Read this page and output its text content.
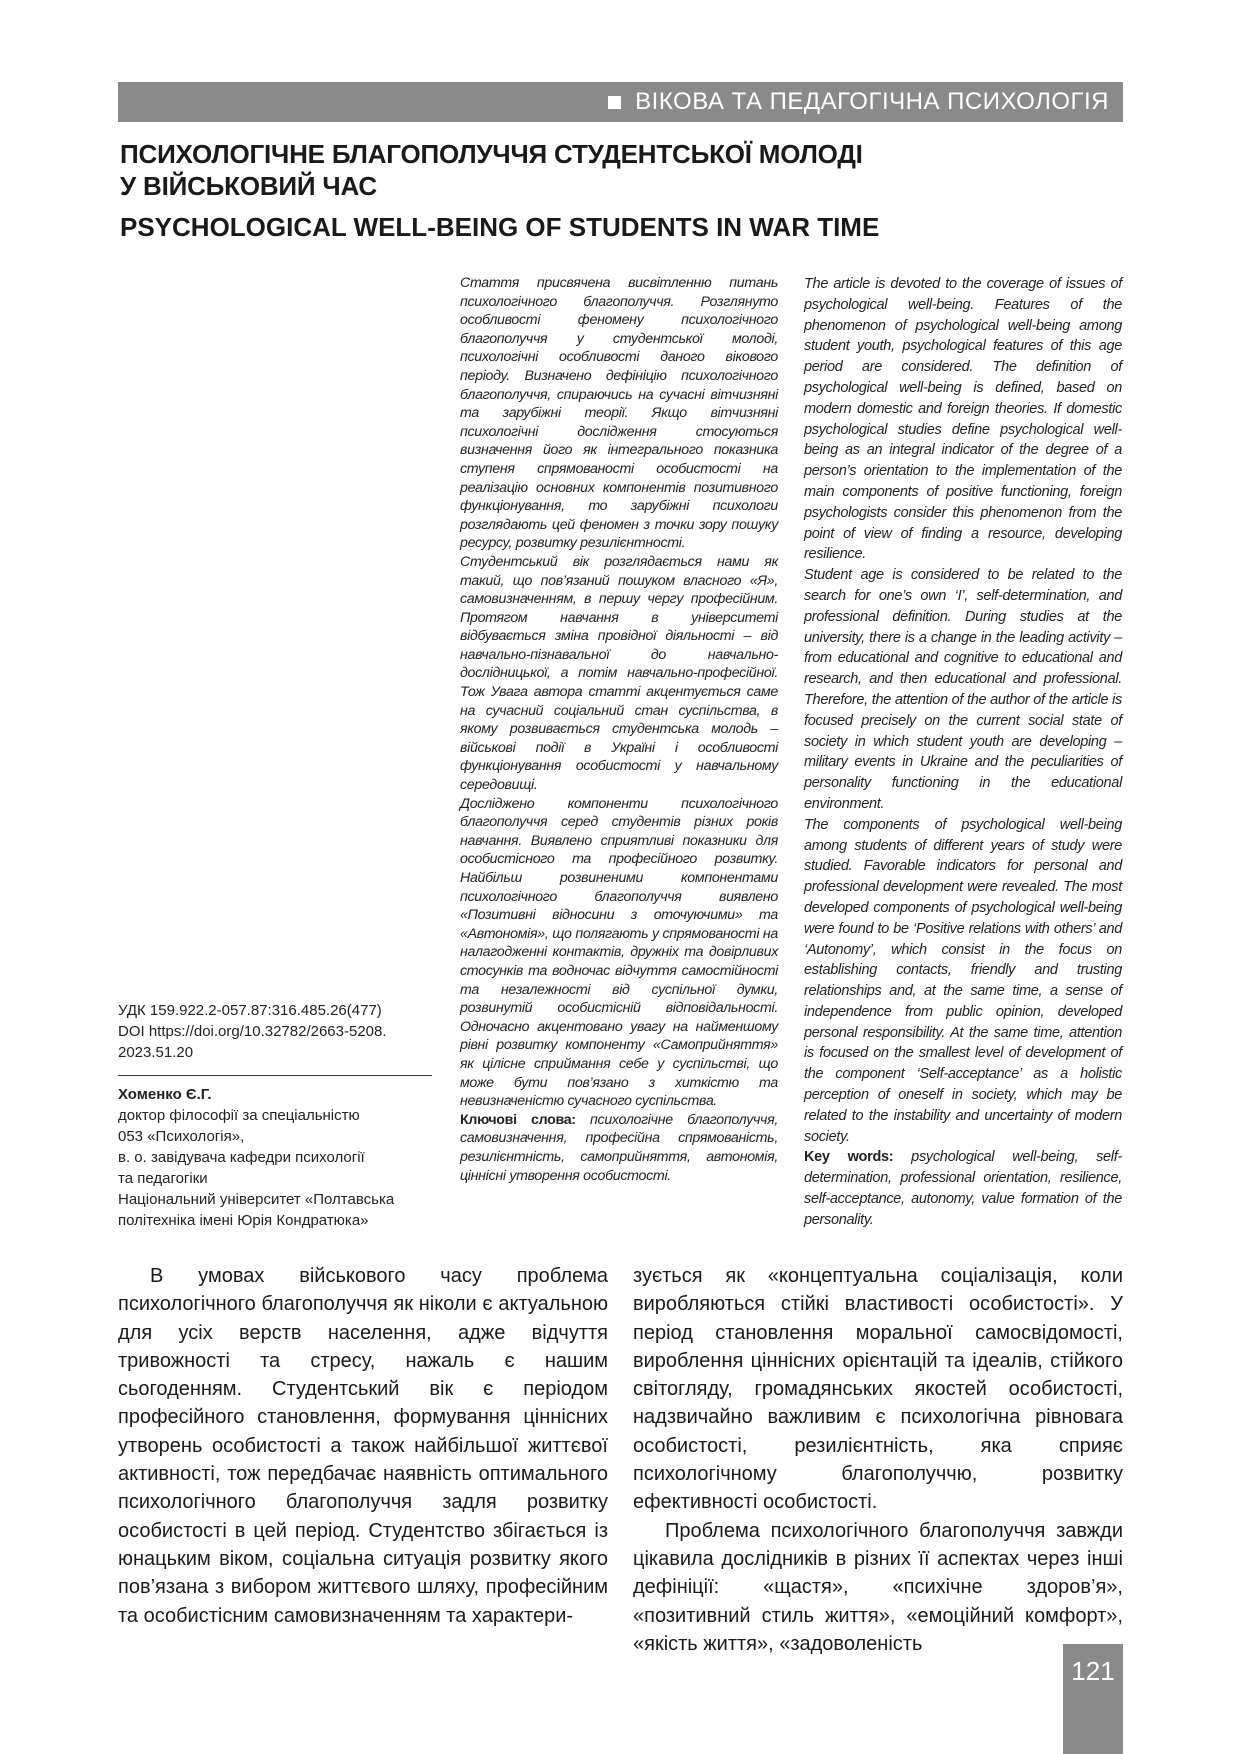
ВІКОВА ТА ПЕДАГОГІЧНА ПСИХОЛОГІЯ
ПСИХОЛОГІЧНЕ БЛАГОПОЛУЧЧЯ СТУДЕНТСЬКОЇ МОЛОДІ
У ВІЙСЬКОВИЙ ЧАС
PSYCHOLOGICAL WELL-BEING OF STUDENTS IN WAR TIME

Стаття присвячена висвітленню питань психологічного благополуччя. Розглянуто особливості феномену психологічного благополуччя у студентської молоді, психологічні особливості даного вікового періоду. Визначено дефініцію психологічного благополуччя, спираючись на сучасні вітчизняні та зарубіжні теорії. Якщо вітчизняні психологічні дослідження стосуються визначення його як інтегрального показника ступеня спрямованості особистості на реалізацію основних компонентів позитивного функціонування, то зарубіжні психологи розглядають цей феномен з точки зору пошуку ресурсу, розвитку резилієнтності.

Студентський вік розглядається нами як такий, що пов’язаний пошуком власного «Я», самовизначенням, в першу чергу професійним. Протягом навчання в університеті відбувається зміна провідної діяльності – від навчально-пізнавальної до навчально-дослідницької, а потім навчально-професійної. Тож Увага автора статті акцентується саме на сучасний соціальний стан суспільства, в якому розвивається студентська молодь – військові події в Україні і особливості функціонування особистості у навчальному середовищі.

Досліджено компоненти психологічного благополуччя серед студентів різних років навчання. Виявлено сприятливі показники для особистісного та професійного розвитку. Найбільш розвиненими компонентами психологічного благополуччя виявлено «Позитивні відносини з оточуючими» та «Автономія», що полягають у спрямованості на налагодженні контактів, дружніх та довірливих стосунків та водночас відчуття самостійності та незалежності від суспільної думки, розвинутій особистісній відповідальності. Одночасно акцентовано увагу на найменшому рівні розвитку компоненту «Самоприйняття» як цілісне сприймання себе у суспільстві, що може бути пов’язано з хиткістю та невизначеністю сучасного суспільства.

Ключові слова: психологічне благополуччя, самовизначення, професійна спрямованість, резилієнтність, самоприйняття, автономія, ціннісні утворення особистості.

The article is devoted to the coverage of issues of psychological well-being. Features of the phenomenon of psychological well-being among student youth, psychological features of this age period are considered. The definition of psychological well-being is defined, based on modern domestic and foreign theories. If domestic psychological studies define psychological well-being as an integral indicator of the degree of a person’s orientation to the implementation of the main components of positive functioning, foreign psychologists consider this phenomenon from the point of view of finding a resource, developing resilience.

Student age is considered to be related to the search for one’s own ‘I’, self-determination, and professional definition. During studies at the university, there is a change in the leading activity – from educational and cognitive to educational and research, and then educational and professional. Therefore, the attention of the author of the article is focused precisely on the current social state of society in which student youth are developing – military events in Ukraine and the peculiarities of personality functioning in the educational environment.

The components of psychological well-being among students of different years of study were studied. Favorable indicators for personal and professional development were revealed. The most developed components of psychological well-being were found to be ‘Positive relations with others’ and ‘Autonomy’, which consist in the focus on establishing contacts, friendly and trusting relationships and, at the same time, a sense of independence from public opinion, developed personal responsibility. At the same time, attention is focused on the smallest level of development of the component ‘Self-acceptance’ as a holistic perception of oneself in society, which may be related to the instability and uncertainty of modern society.

Key words: psychological well-being, self-determination, professional orientation, resilience, self-acceptance, autonomy, value formation of the personality.

УДК 159.922.2-057.87:316.485.26(477)
DOI https://doi.org/10.32782/2663-5208.
2023.51.20
Хоменко Є.Г.
доктор філософії за спеціальністю
053 «Психологія»,
в. о. завідувача кафедри психології
та педагогіки
Національний університет «Полтавська
політехніка імені Юрія Кондратюка»

В умовах військового часу проблема психологічного благополуччя як ніколи є актуальною для усіх верств населення, адже відчуття тривожності та стресу, нажаль є нашим сьогоденням. Студентський вік є періодом професійного становлення, формування ціннісних утворень особистості а також найбільшої життєвої активності, тож передбачає наявність оптимального психологічного благополуччя задля розвитку особистості в цей період. Студентство збігається із юнацьким віком, соціальна ситуація розвитку якого пов’язана з вибором життєвого шляху, професійним та особистісним самовизначенням та характери-

зується як «концептуальна соціалізація, коли виробляються стійкі властивості особистості». У період становлення моральної самосвідомості, вироблення ціннісних орієнтацій та ідеалів, стійкого світогляду, громадянських якостей особистості, надзвичайно важливим є психологічна рівновага особистості, резилієнтність, яка сприяє психологічному благополуччю, розвитку ефективності особистості.

Проблема психологічного благополуччя завжди цікавила дослідників в різних її аспектах через інші дефініції: «щастя», «психічне здоров’я», «позитивний стиль життя», «емоційний комфорт», «якість життя», «задоволеність

121
